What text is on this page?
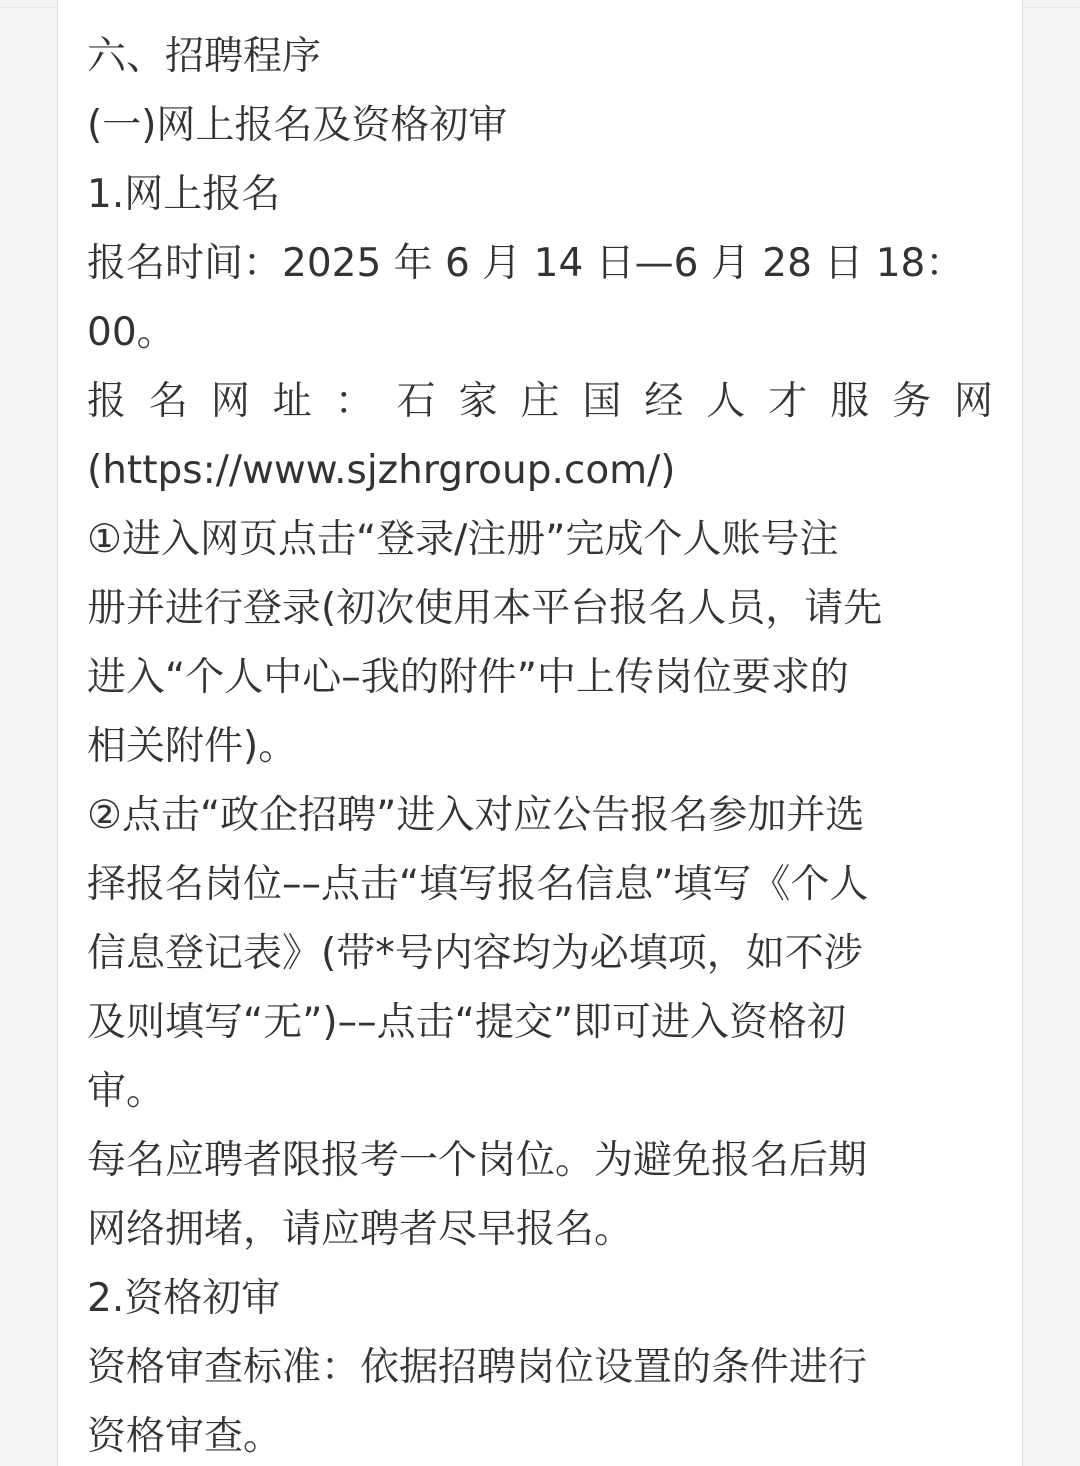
六、招聘程序
(一)网上报名及资格初审
1.网上报名
报名时间：2025 年 6 月 14 日—6 月 28 日 18：
00。
报 名 网 址 ： 石 家 庄 国 经 人 才 服 务 网
(https://www.sjzhrgroup.com/)
①进入网页点击“登录/注册”完成个人账号注
册并进行登录(初次使用本平台报名人员，请先
进入“个人中心–我的附件”中上传岗位要求的
相关附件)。
②点击“政企招聘”进入对应公告报名参加并选
择报名岗位––点击“填写报名信息”填写《个人
信息登记表》(带*号内容均为必填项，如不涉
及则填写“无”)––点击“提交”即可进入资格初
审。
每名应聘者限报考一个岗位。为避免报名后期
网络拥堵，请应聘者尽早报名。
2.资格初审
资格审查标准：依据招聘岗位设置的条件进行
资格审查。
